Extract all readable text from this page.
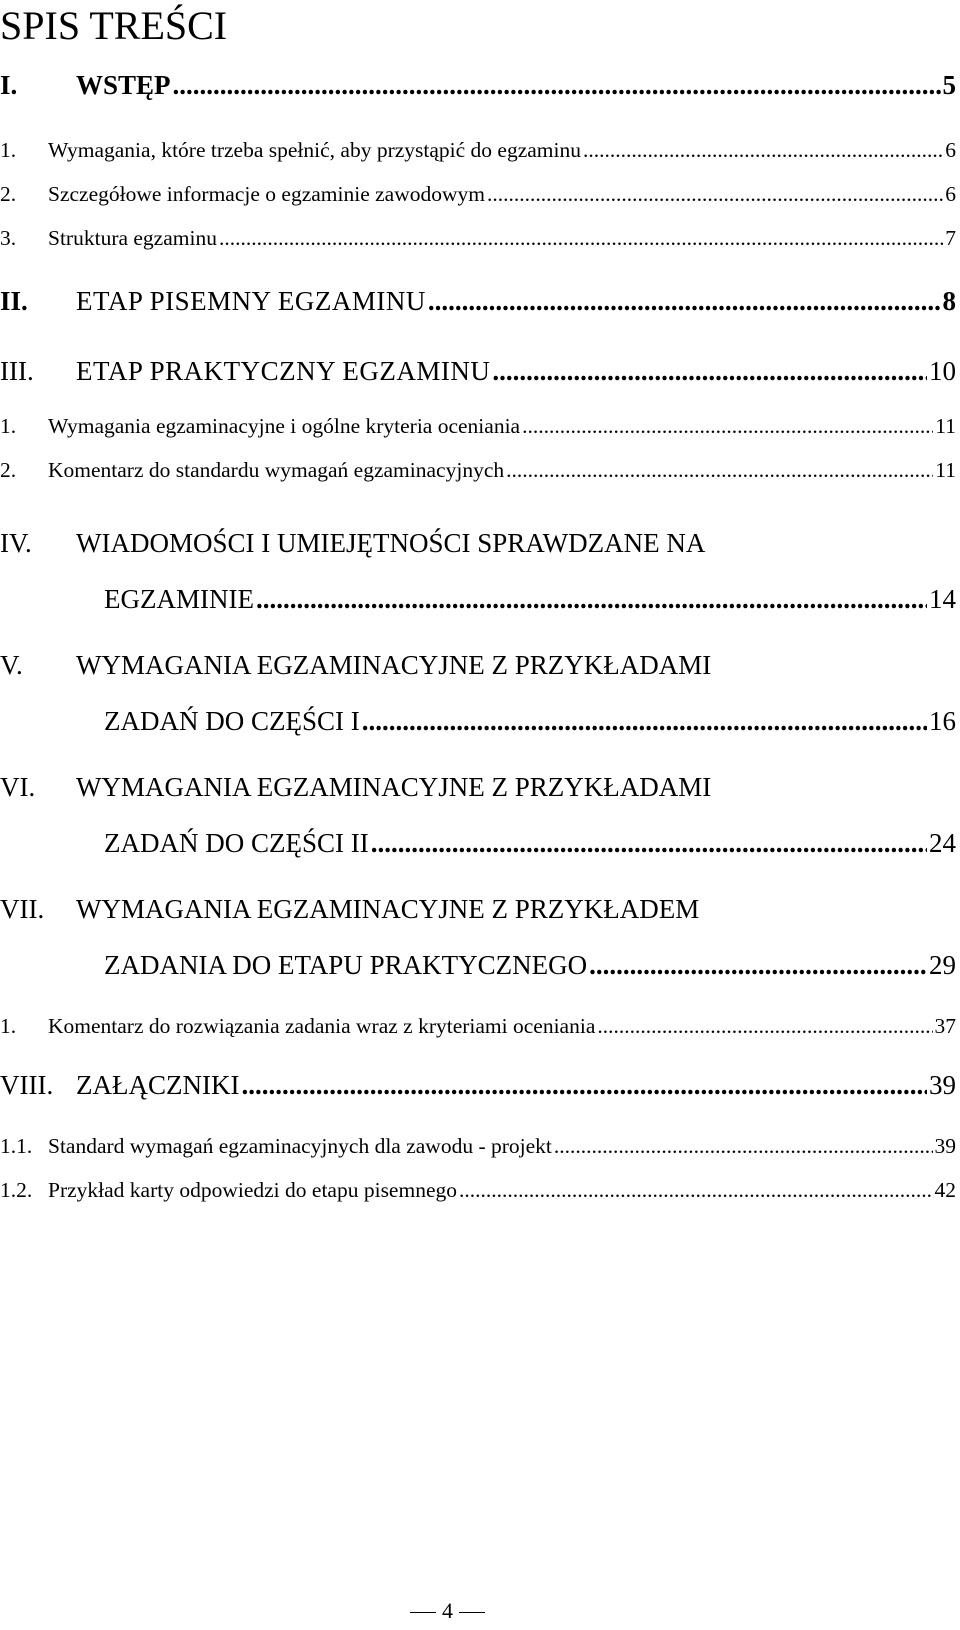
SPIS TREŚCI
I.	WSTĘP .....	5
1.	Wymagania, które trzeba spełnić, aby przystąpić do egzaminu .....	6
2.	Szczegółowe informacje o egzaminie zawodowym .....	6
3.	Struktura egzaminu .....	7
II.	ETAP PISEMNY EGZAMINU .....	8
III.	ETAP PRAKTYCZNY EGZAMINU .....	10
1.	Wymagania egzaminacyjne i ogólne kryteria oceniania .....	11
2.	Komentarz do standardu wymagań egzaminacyjnych .....	11
IV.	WIADOMOŚCI I UMIEJĘTNOŚCI SPRAWDZANE NA
EGZAMINIE .....	14
V.	WYMAGANIA EGZAMINACYJNE Z PRZYKŁADAMI
ZADAŃ DO CZĘŚCI I .....	16
VI.	WYMAGANIA EGZAMINACYJNE Z PRZYKŁADAMI
ZADAŃ DO CZĘŚCI II .....	24
VII.	WYMAGANIA EGZAMINACYJNE Z PRZYKŁADEM
ZADANIA DO ETAPU PRAKTYCZNEGO .....	29
1.	Komentarz do rozwiązania zadania wraz z kryteriami oceniania .....	37
VIII. ZAŁĄCZNIKI .....	39
1.1. Standard wymagań egzaminacyjnych dla zawodu - projekt .....	39
1.2. Przykład karty odpowiedzi do etapu pisemnego .....	42
4
